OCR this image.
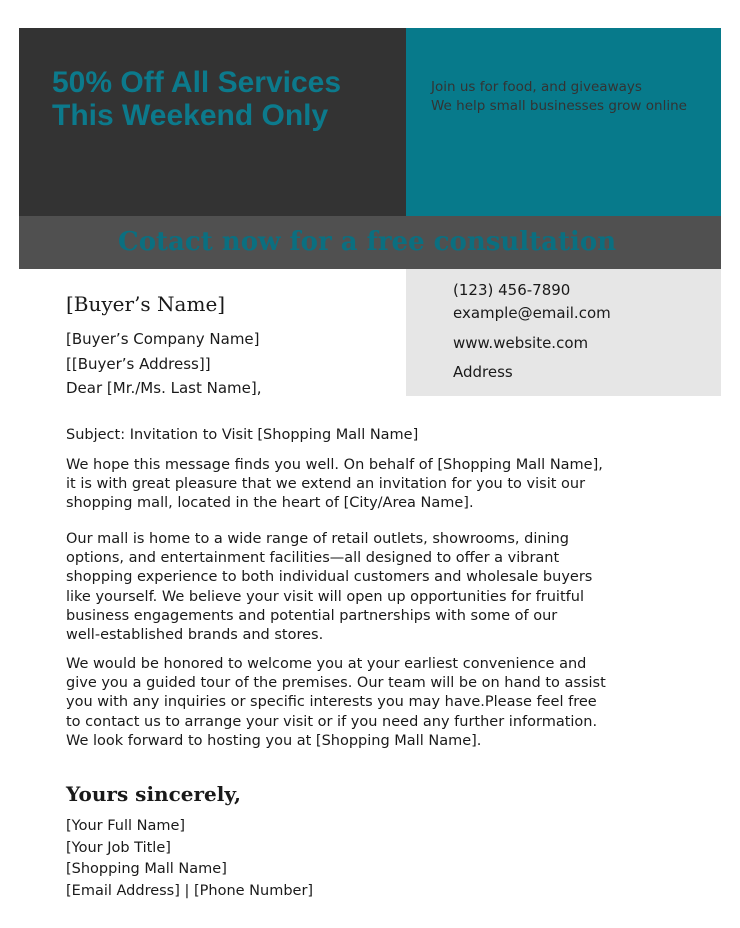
50% Off All Services
This Weekend Only
Join us for food, and giveaways
We help small businesses grow online
Cotact now for a free consultation
(123) 456-7890
example@email.com
www.website.com
Address
[Buyer’s Name]
[Buyer’s Company Name]
[[Buyer’s Address]]
Dear [Mr./Ms. Last Name],
Subject: Invitation to Visit [Shopping Mall Name]

We hope this message finds you well. On behalf of [Shopping Mall Name],
it is with great pleasure that we extend an invitation for you to visit our
shopping mall, located in the heart of [City/Area Name].

Our mall is home to a wide range of retail outlets, showrooms, dining
options, and entertainment facilities—all designed to offer a vibrant
shopping experience to both individual customers and wholesale buyers
like yourself. We believe your visit will open up opportunities for fruitful
business engagements and potential partnerships with some of our
well-established brands and stores.

We would be honored to welcome you at your earliest convenience and
give you a guided tour of the premises. Our team will be on hand to assist
you with any inquiries or specific interests you may have.Please feel free
to contact us to arrange your visit or if you need any further information.
We look forward to hosting you at [Shopping Mall Name].

Yours sincerely,
[Your Full Name]
[Your Job Title]
[Shopping Mall Name]
[Email Address] | [Phone Number]
